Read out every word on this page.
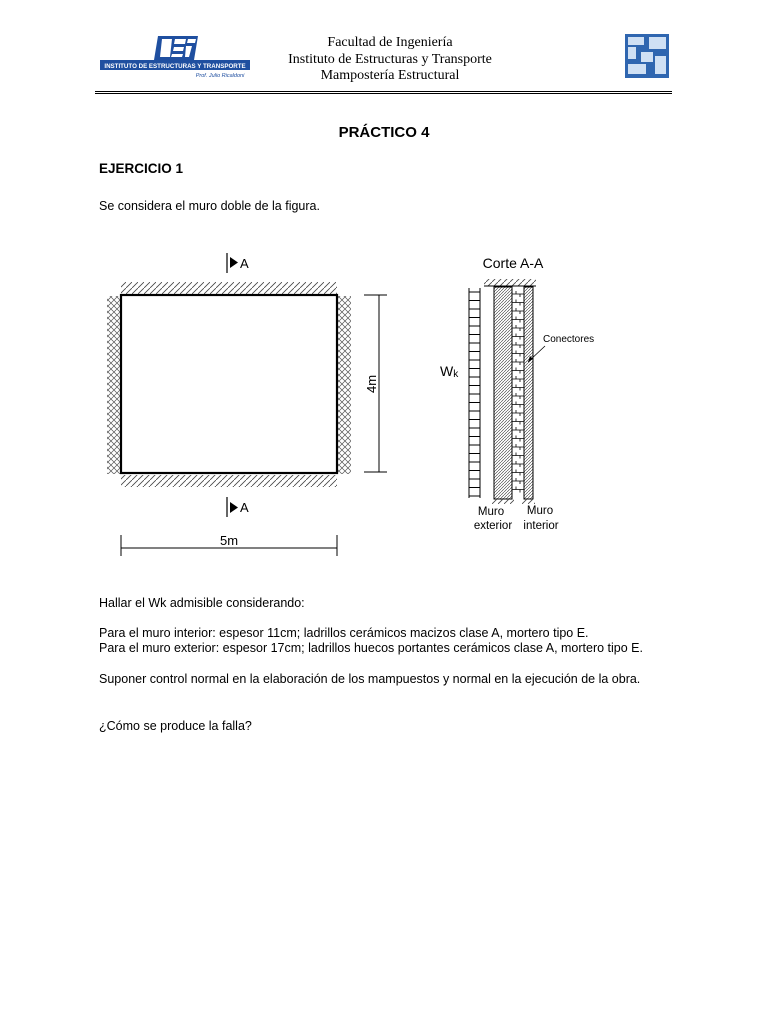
INSTITUTO DE ESTRUCTURAS Y TRANSPORTE
Prof. Julio Ricaldoni
Facultad de Ingeniería
Instituto de Estructuras y Transporte
Mampostería Estructural
PRÁCTICO 4
EJERCICIO 1
Se considera el muro doble de la figura.
A
A
4m
5m
Corte A-A
Wk
Conectores
Muro
exterior
Muro
interior
Hallar el Wk admisible considerando:
Para el muro interior: espesor 11cm; ladrillos cerámicos macizos clase A, mortero tipo E.
Para el muro exterior: espesor 17cm; ladrillos huecos portantes cerámicos clase A, mortero tipo E.
Suponer control normal en la elaboración de los mampuestos y normal en la ejecución de la obra.
¿Cómo se produce la falla?
